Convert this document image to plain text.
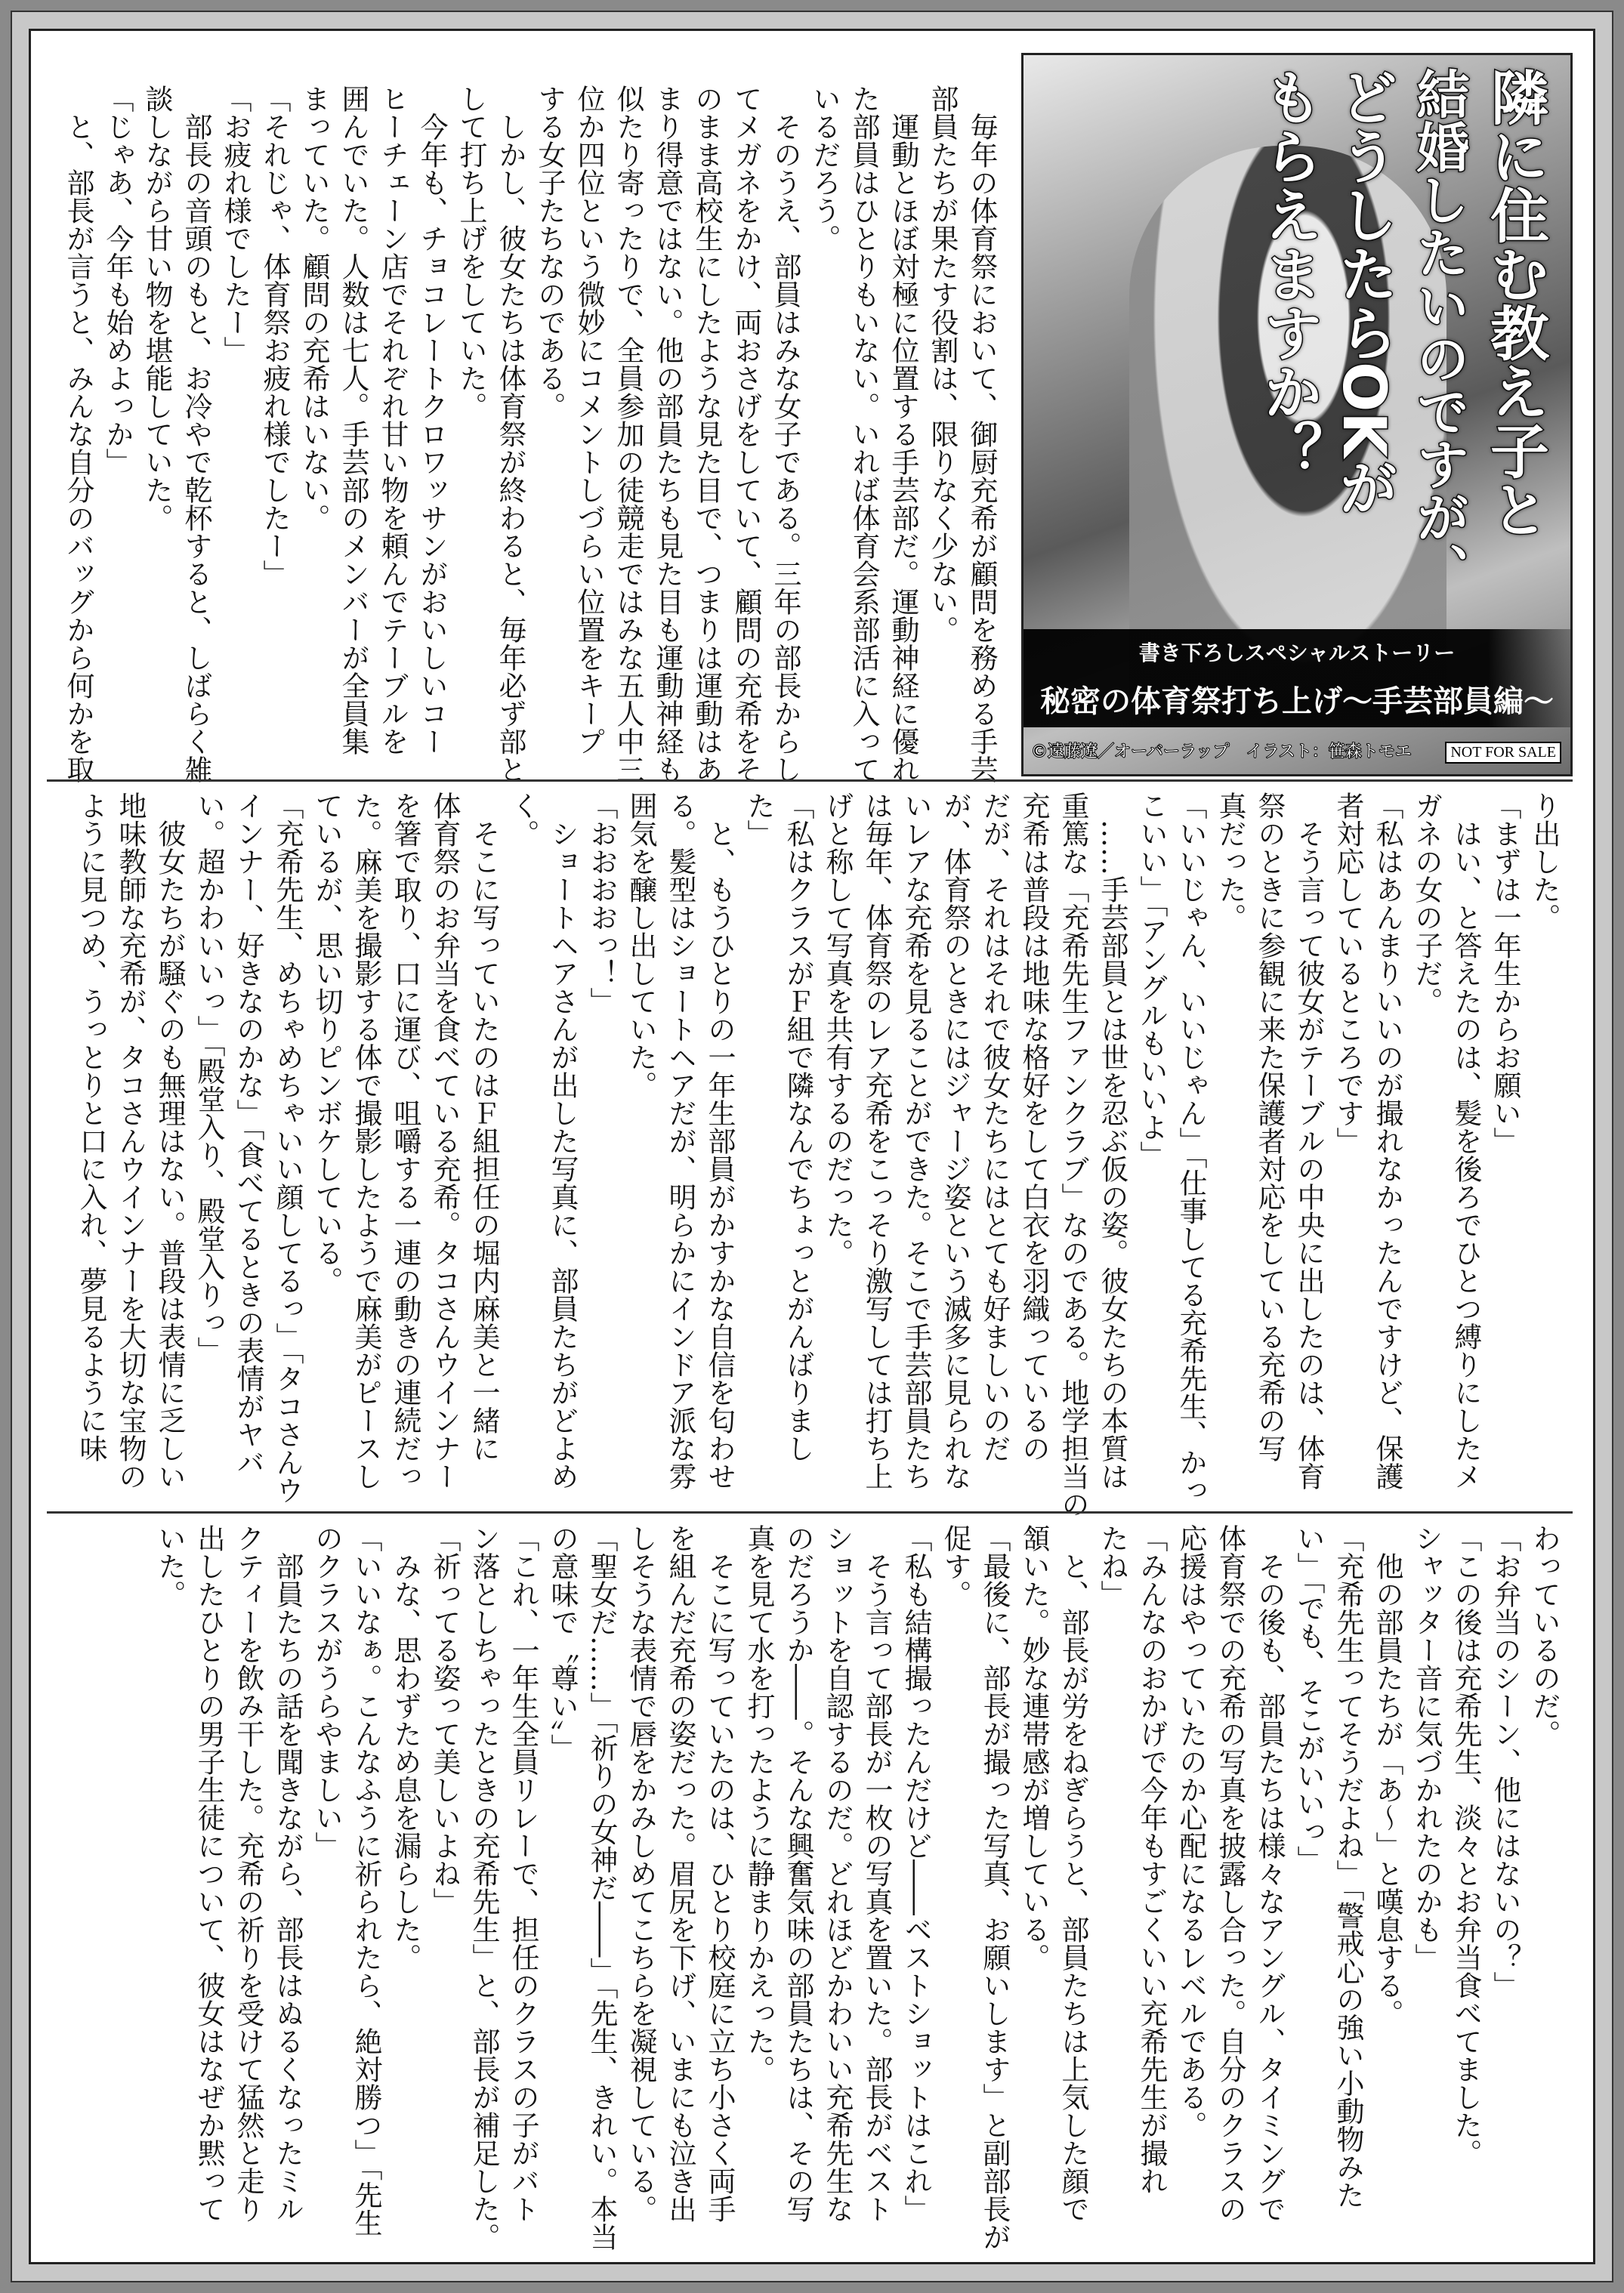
隣に住む教え子と
結婚したいのですが、
どうしたらOKが
もらえますか？
書き下ろしスペシャルストーリー
秘密の体育祭打ち上げ〜手芸部員編〜
©遠藤遼／オーバーラップ　イラスト：笹森トモエ	NOT FOR SALE
　毎年の体育祭において、御厨充希が顧問を務める手芸
部員たちが果たす役割は、限りなく少ない。
　運動とほぼ対極に位置する手芸部だ。運動神経に優れ
た部員はひとりもいない。いれば体育会系部活に入って
いるだろう。
　そのうえ、部員はみな女子である。三年の部長からし
てメガネをかけ、両おさげをしていて、顧問の充希をそ
のまま高校生にしたような見た目で、つまりは運動はあ
まり得意ではない。他の部員たちも見た目も運動神経も
似たり寄ったりで、全員参加の徒競走ではみな五人中三
位か四位という微妙にコメントしづらい位置をキープ
する女子たちなのである。
　しかし、彼女たちは体育祭が終わると、毎年必ず部と
して打ち上げをしていた。
　今年も、チョコレートクロワッサンがおいしいコー
ヒーチェーン店でそれぞれ甘い物を頼んでテーブルを
囲んでいた。人数は七人。手芸部のメンバーが全員集
まっていた。顧問の充希はいない。
「それじゃ、体育祭お疲れ様でしたー」
「お疲れ様でしたー」
　部長の音頭のもと、お冷やで乾杯すると、しばらく雑
談しながら甘い物を堪能していた。
「じゃあ、今年も始めよっか」
　と、部長が言うと、みんな自分のバッグから何かを取
り出した。
「まずは一年生からお願い」
　はい、と答えたのは、髪を後ろでひとつ縛りにしたメ
ガネの女の子だ。
「私はあんまりいいのが撮れなかったんですけど、保護
者対応しているところです」
　そう言って彼女がテーブルの中央に出したのは、体育
祭のときに参観に来た保護者対応をしている充希の写
真だった。
「いいじゃん、いいじゃん」「仕事してる充希先生、かっ
こいい」「アングルもいいよ」
　……手芸部員とは世を忍ぶ仮の姿。彼女たちの本質は
重篤な「充希先生ファンクラブ」なのである。地学担当の
充希は普段は地味な格好をして白衣を羽織っているの
だが、それはそれで彼女たちにはとても好ましいのだ
が、体育祭のときにはジャージ姿という滅多に見られな
いレアな充希を見ることができた。そこで手芸部員たち
は毎年、体育祭のレア充希をこっそり激写しては打ち上
げと称して写真を共有するのだった。
「私はクラスがＦ組で隣なんでちょっとがんばりまし
た」
　と、もうひとりの一年生部員がかすかな自信を匂わせ
る。髪型はショートヘアだが、明らかにインドア派な雰
囲気を醸し出していた。
「おおおおっ！」
　ショートヘアさんが出した写真に、部員たちがどよめ
く。
　そこに写っていたのはＦ組担任の堀内麻美と一緒に
体育祭のお弁当を食べている充希。タコさんウインナー
を箸で取り、口に運び、咀嚼する一連の動きの連続だっ
た。麻美を撮影する体で撮影したようで麻美がピースし
ているが、思い切りピンボケしている。
「充希先生、めちゃめちゃいい顔してるっ」「タコさんウ
インナー、好きなのかな」「食べてるときの表情がヤバ
い。超かわいいっ」「殿堂入り、殿堂入りっ」
　彼女たちが騒ぐのも無理はない。普段は表情に乏しい
地味教師な充希が、タコさんウインナーを大切な宝物の
ように見つめ、うっとりと口に入れ、夢見るように味
わっているのだ。
「お弁当のシーン、他にはないの？」
「この後は充希先生、淡々とお弁当食べてました。
シャッター音に気づかれたのかも」
　他の部員たちが「あ〜」と嘆息する。
「充希先生ってそうだよね」「警戒心の強い小動物みた
い」「でも、そこがいいっ」
　その後も、部員たちは様々なアングル、タイミングで
体育祭での充希の写真を披露し合った。自分のクラスの
応援はやっていたのか心配になるレベルである。
「みんなのおかげで今年もすごくいい充希先生が撮れ
たね」
　と、部長が労をねぎらうと、部員たちは上気した顔で
頷いた。妙な連帯感が増している。
「最後に、部長が撮った写真、お願いします」と副部長が
促す。
「私も結構撮ったんだけど――ベストショットはこれ」
　そう言って部長が一枚の写真を置いた。部長がベスト
ショットを自認するのだ。どれほどかわいい充希先生な
のだろうか――。そんな興奮気味の部員たちは、その写
真を見て水を打ったように静まりかえった。
　そこに写っていたのは、ひとり校庭に立ち小さく両手
を組んだ充希の姿だった。眉尻を下げ、いまにも泣き出
しそうな表情で唇をかみしめてこちらを凝視している。
「聖女だ……」「祈りの女神だ――」「先生、きれい。本当
の意味で〝尊い〟」
「これ、一年生全員リレーで、担任のクラスの子がバト
ン落としちゃったときの充希先生」と、部長が補足した。
「祈ってる姿って美しいよね」
　みな、思わずため息を漏らした。
「いいなぁ。こんなふうに祈られたら、絶対勝つ」「先生
のクラスがうらやましい」
　部員たちの話を聞きながら、部長はぬるくなったミル
クティーを飲み干した。充希の祈りを受けて猛然と走り
出したひとりの男子生徒について、彼女はなぜか黙って
いた。
